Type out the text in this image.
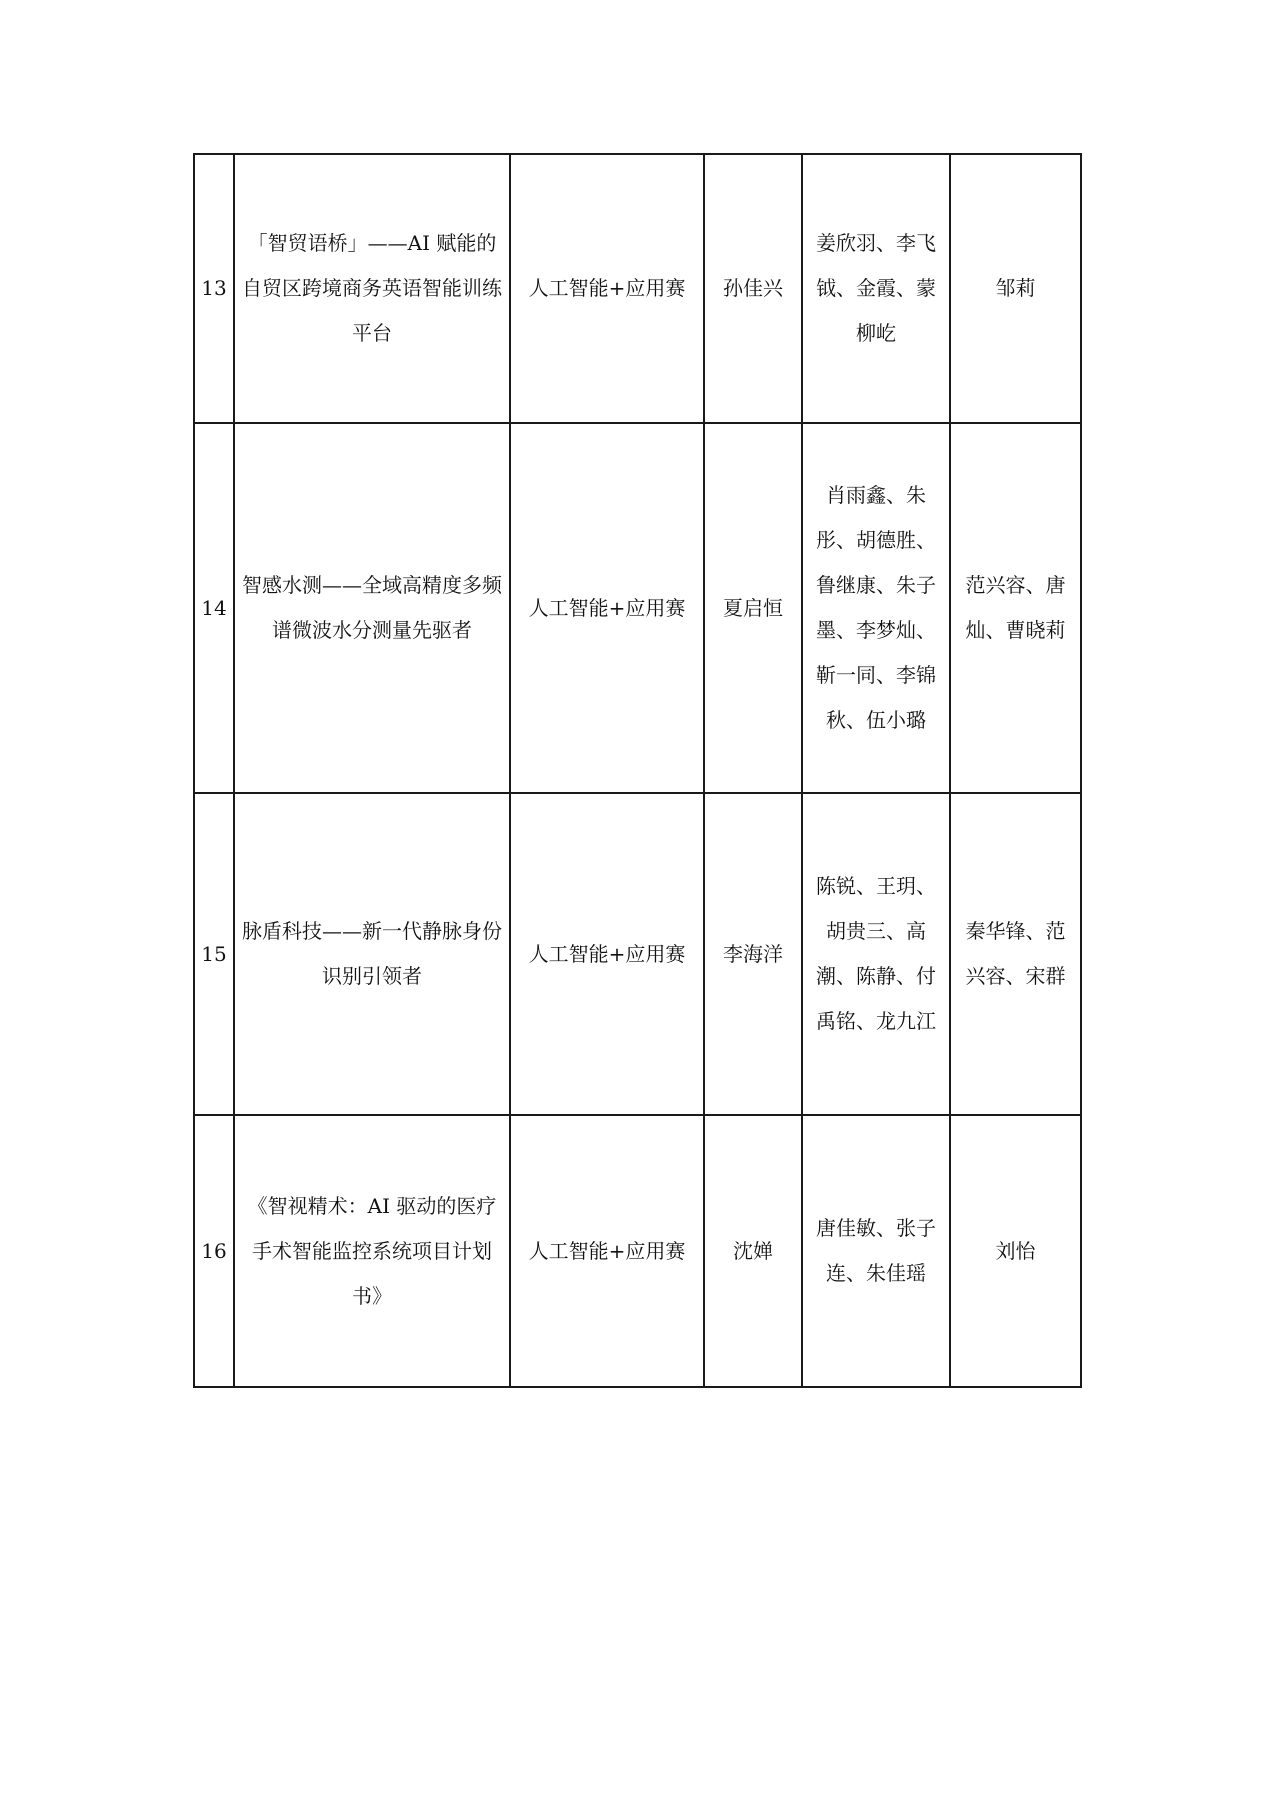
13	「智贸语桥」——AI 赋能的自贸区跨境商务英语智能训练平台	人工智能+应用赛	孙佳兴	姜欣羽、李飞钺、金霞、蒙柳屹	邹莉
14	智感水测——全域高精度多频谱微波水分测量先驱者	人工智能+应用赛	夏启恒	肖雨鑫、朱彤、胡德胜、鲁继康、朱子墨、李梦灿、靳一同、李锦秋、伍小璐	范兴容、唐灿、曹晓莉
15	脉盾科技——新一代静脉身份识别引领者	人工智能+应用赛	李海洋	陈锐、王玥、胡贵三、高潮、陈静、付禹铭、龙九江	秦华锋、范兴容、宋群
16	《智视精术：AI 驱动的医疗手术智能监控系统项目计划书》	人工智能+应用赛	沈婵	唐佳敏、张子连、朱佳瑶	刘怡
